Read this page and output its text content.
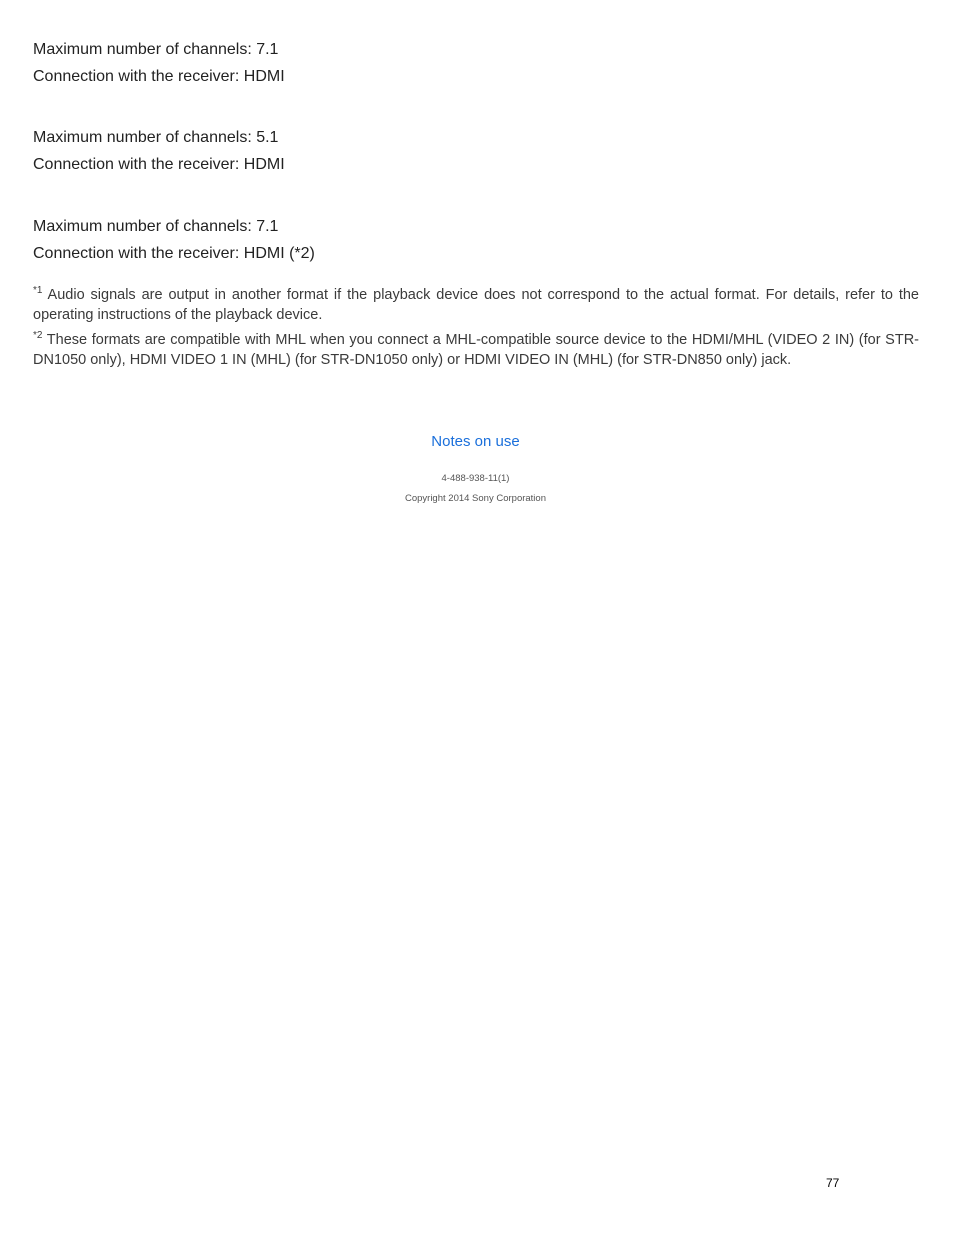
Maximum number of channels: 7.1
Connection with the receiver: HDMI
Maximum number of channels: 5.1
Connection with the receiver: HDMI
Maximum number of channels: 7.1
Connection with the receiver: HDMI (*2)
$^{*1}$ Audio signals are output in another format if the playback device does not correspond to the actual format. For details, refer to the operating instructions of the playback device.
$^{*2}$ These formats are compatible with MHL when you connect a MHL-compatible source device to the HDMI/MHL (VIDEO 2 IN) (for STR-DN1050 only), HDMI VIDEO 1 IN (MHL) (for STR-DN1050 only) or HDMI VIDEO IN (MHL) (for STR-DN850 only) jack.
Notes on use
4-488-938-11(1)
Copyright 2014 Sony Corporation
77
